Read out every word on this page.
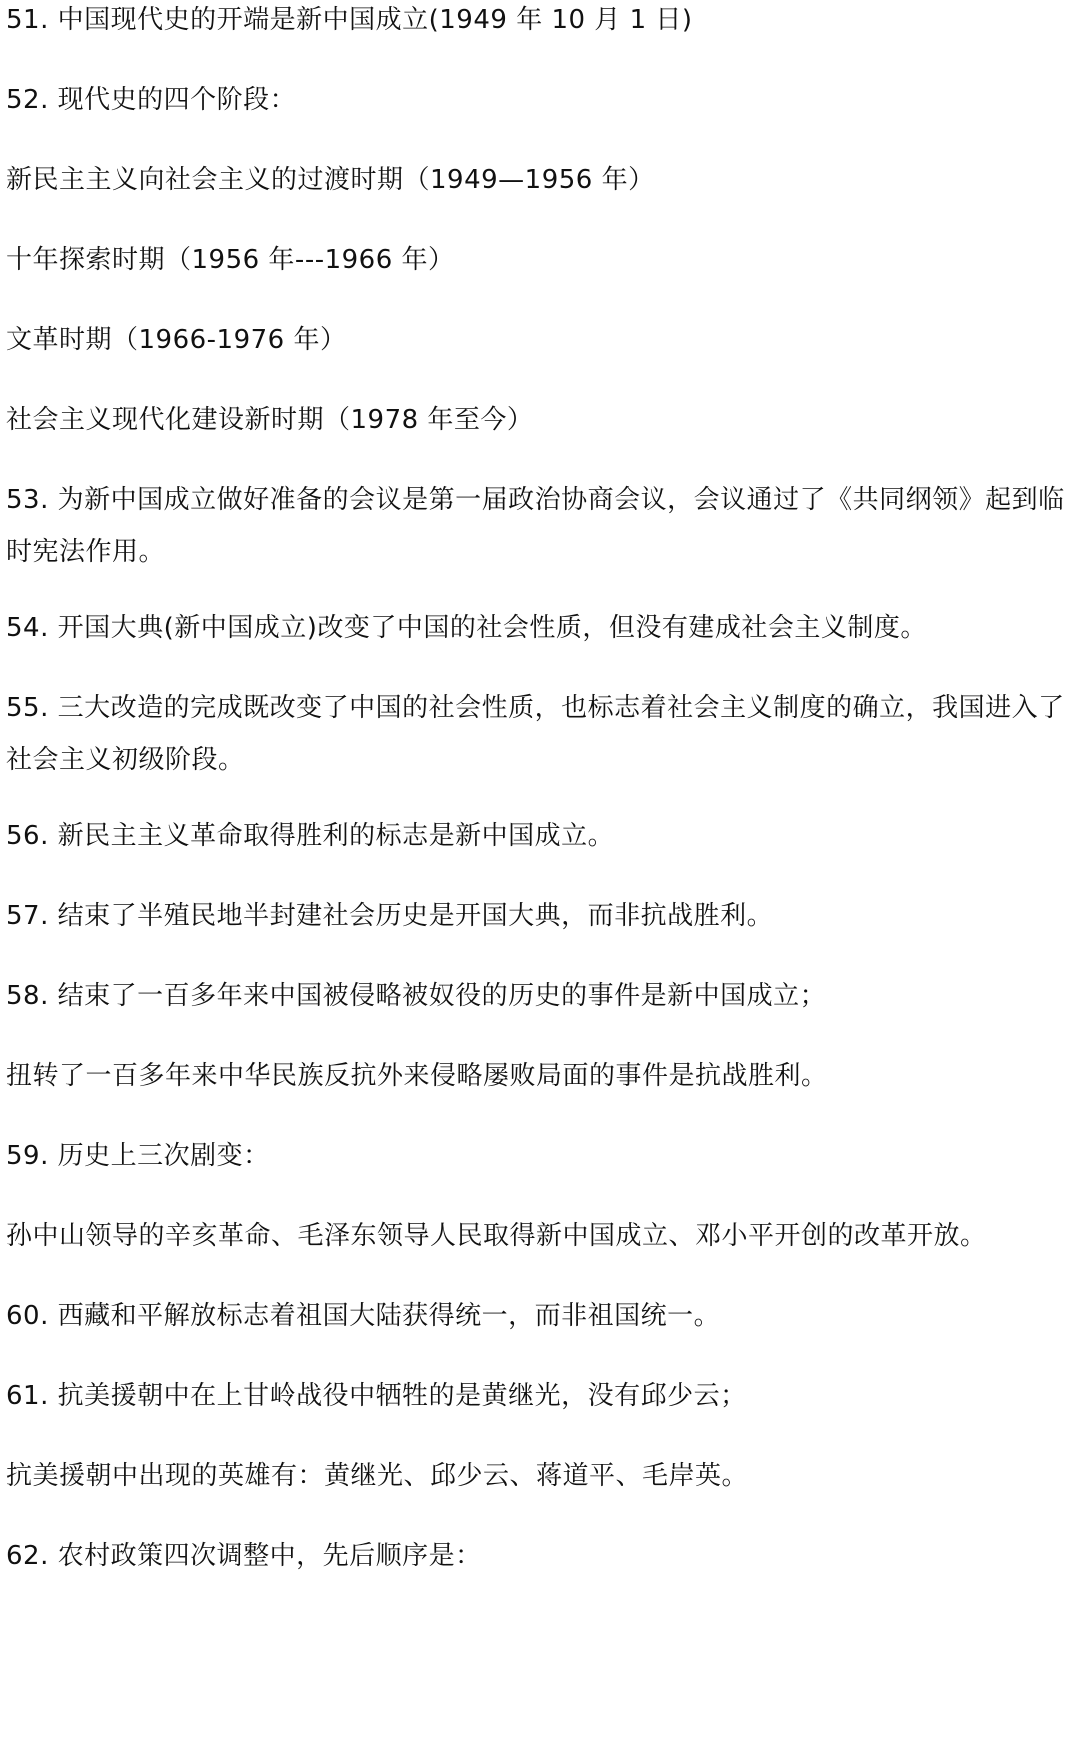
51. 中国现代史的开端是新中国成立(1949 年 10 月 1 日)
52. 现代史的四个阶段：
新民主主义向社会主义的过渡时期（1949—1956 年）
十年探索时期（1956 年---1966 年）
文革时期（1966-1976 年）
社会主义现代化建设新时期（1978 年至今）
53. 为新中国成立做好准备的会议是第一届政治协商会议，会议通过了《共同纲领》起到临时宪法作用。
54. 开国大典(新中国成立)改变了中国的社会性质，但没有建成社会主义制度。
55. 三大改造的完成既改变了中国的社会性质，也标志着社会主义制度的确立，我国进入了社会主义初级阶段。
56. 新民主主义革命取得胜利的标志是新中国成立。
57. 结束了半殖民地半封建社会历史是开国大典，而非抗战胜利。
58. 结束了一百多年来中国被侵略被奴役的历史的事件是新中国成立；
扭转了一百多年来中华民族反抗外来侵略屡败局面的事件是抗战胜利。
59. 历史上三次剧变：
孙中山领导的辛亥革命、毛泽东领导人民取得新中国成立、邓小平开创的改革开放。
60. 西藏和平解放标志着祖国大陆获得统一，而非祖国统一。
61. 抗美援朝中在上甘岭战役中牺牲的是黄继光，没有邱少云；
抗美援朝中出现的英雄有：黄继光、邱少云、蒋道平、毛岸英。
62. 农村政策四次调整中，先后顺序是：
